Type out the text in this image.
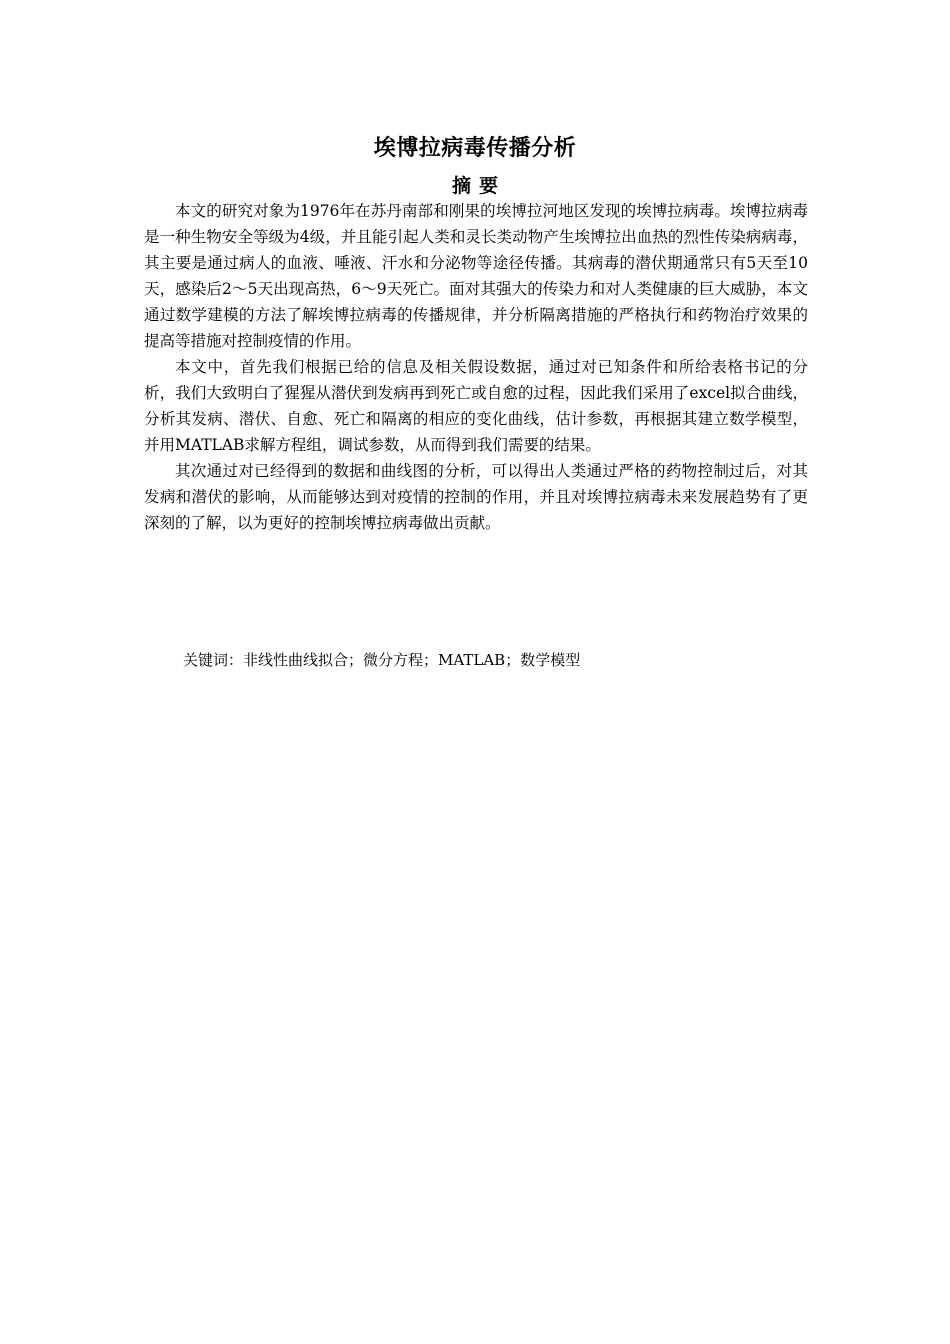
埃博拉病毒传播分析
摘要

本文的研究对象为1976年在苏丹南部和刚果的埃博拉河地区发现的埃博拉病毒。埃博拉病毒是一种生物安全等级为4级，并且能引起人类和灵长类动物产生埃博拉出血热的烈性传染病病毒，其主要是通过病人的血液、唾液、汗水和分泌物等途径传播。其病毒的潜伏期通常只有5天至10天，感染后2～5天出现高热，6～9天死亡。面对其强大的传染力和对人类健康的巨大威胁，本文通过数学建模的方法了解埃博拉病毒的传播规律，并分析隔离措施的严格执行和药物治疗效果的提高等措施对控制疫情的作用。

本文中，首先我们根据已给的信息及相关假设数据，通过对已知条件和所给表格书记的分析，我们大致明白了猩猩从潜伏到发病再到死亡或自愈的过程，因此我们采用了excel拟合曲线，分析其发病、潜伏、自愈、死亡和隔离的相应的变化曲线，估计参数，再根据其建立数学模型，并用MATLAB求解方程组，调试参数，从而得到我们需要的结果。

其次通过对已经得到的数据和曲线图的分析，可以得出人类通过严格的药物控制过后，对其发病和潜伏的影响，从而能够达到对疫情的控制的作用，并且对埃博拉病毒未来发展趋势有了更深刻的了解，以为更好的控制埃博拉病毒做出贡献。

关键词：非线性曲线拟合；微分方程；MATLAB；数学模型
